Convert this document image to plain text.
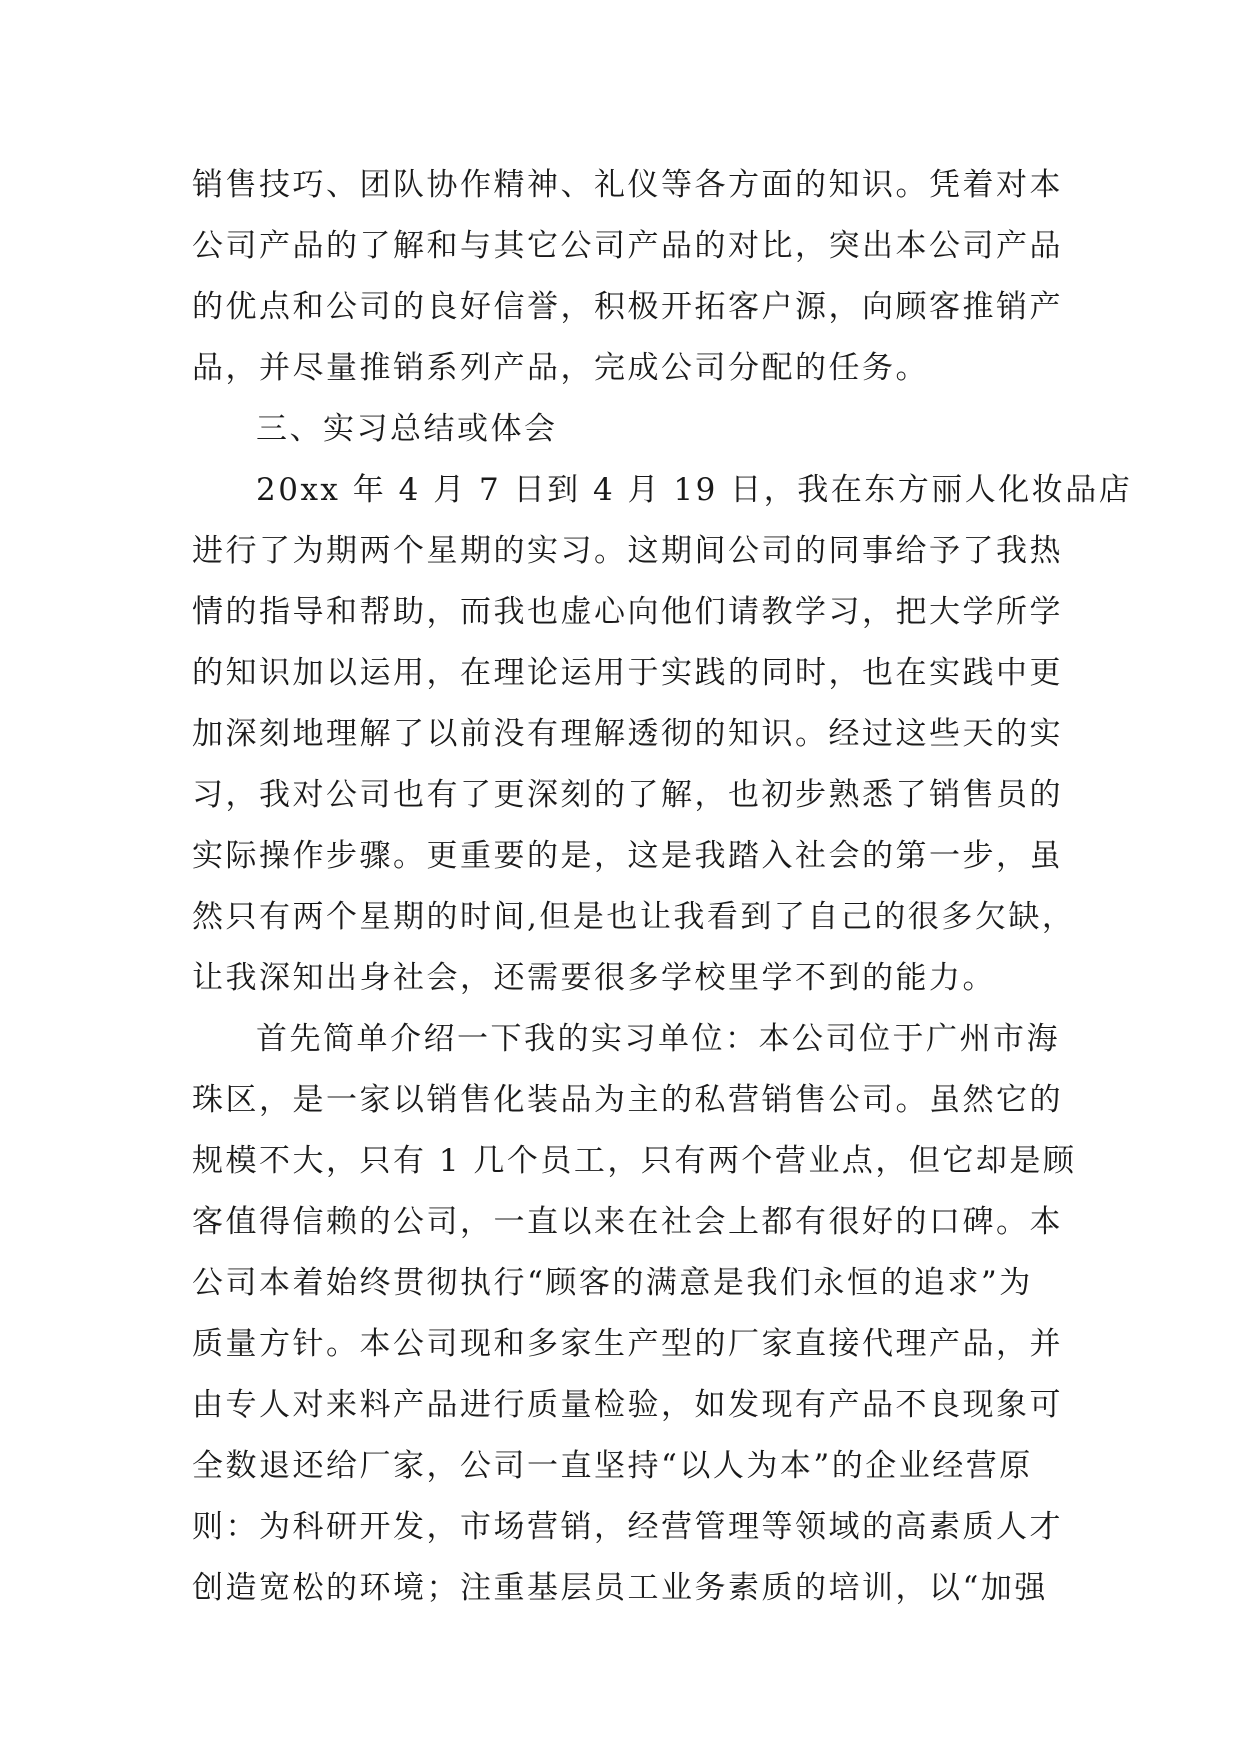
销售技巧、团队协作精神、礼仪等各方面的知识。凭着对本
公司产品的了解和与其它公司产品的对比，突出本公司产品
的优点和公司的良好信誉，积极开拓客户源，向顾客推销产
品，并尽量推销系列产品，完成公司分配的任务。
三、实习总结或体会
20xx 年 4 月 7 日到 4 月 19 日，我在东方丽人化妆品店
进行了为期两个星期的实习。这期间公司的同事给予了我热
情的指导和帮助，而我也虚心向他们请教学习，把大学所学
的知识加以运用，在理论运用于实践的同时，也在实践中更
加深刻地理解了以前没有理解透彻的知识。经过这些天的实
习，我对公司也有了更深刻的了解，也初步熟悉了销售员的
实际操作步骤。更重要的是，这是我踏入社会的第一步，虽
然只有两个星期的时间,但是也让我看到了自己的很多欠缺，
让我深知出身社会，还需要很多学校里学不到的能力。
首先简单介绍一下我的实习单位：本公司位于广州市海
珠区，是一家以销售化装品为主的私营销售公司。虽然它的
规模不大，只有 1 几个员工，只有两个营业点，但它却是顾
客值得信赖的公司，一直以来在社会上都有很好的口碑。本
公司本着始终贯彻执行“顾客的满意是我们永恒的追求”为
质量方针。本公司现和多家生产型的厂家直接代理产品，并
由专人对来料产品进行质量检验，如发现有产品不良现象可
全数退还给厂家，公司一直坚持“以人为本”的企业经营原
则：为科研开发，市场营销，经营管理等领域的高素质人才
创造宽松的环境；注重基层员工业务素质的培训，以“加强
